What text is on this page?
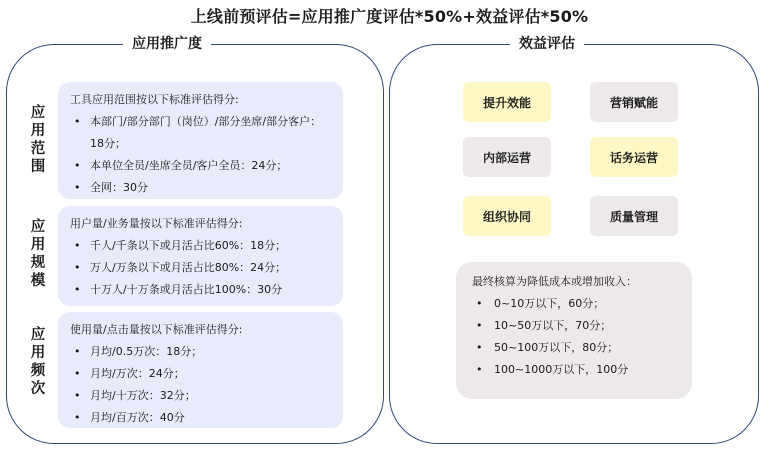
上线前预评估=应用推广度评估*50%+效益评估*50%
应用推广度	效益评估
应
用
范
围
工具应用范围按以下标准评估得分:
• 本部门/部分部门（岗位）/部分坐席/部分客户：18分；
• 本单位全员/坐席全员/客户全员：24分；
• 全网：30分
应
用
规
模
用户量/业务量按以下标准评估得分:
• 千人/千条以下或月活占比60%：18分；
• 万人/万条以下或月活占比80%：24分；
• 十万人/十万条或月活占比100%：30分
应
用
频
次
使用量/点击量按以下标准评估得分:
• 月均/0.5万次：18分；
• 月均/万次：24分；
• 月均/十万次：32分；
• 月均/百万次：40分
提升效能	营销赋能
内部运营	话务运营
组织协同	质量管理
最终核算为降低成本或增加收入：
• 0~10万以下，60分；
• 10~50万以下，70分；
• 50~100万以下，80分；
• 100~1000万以下，100分
